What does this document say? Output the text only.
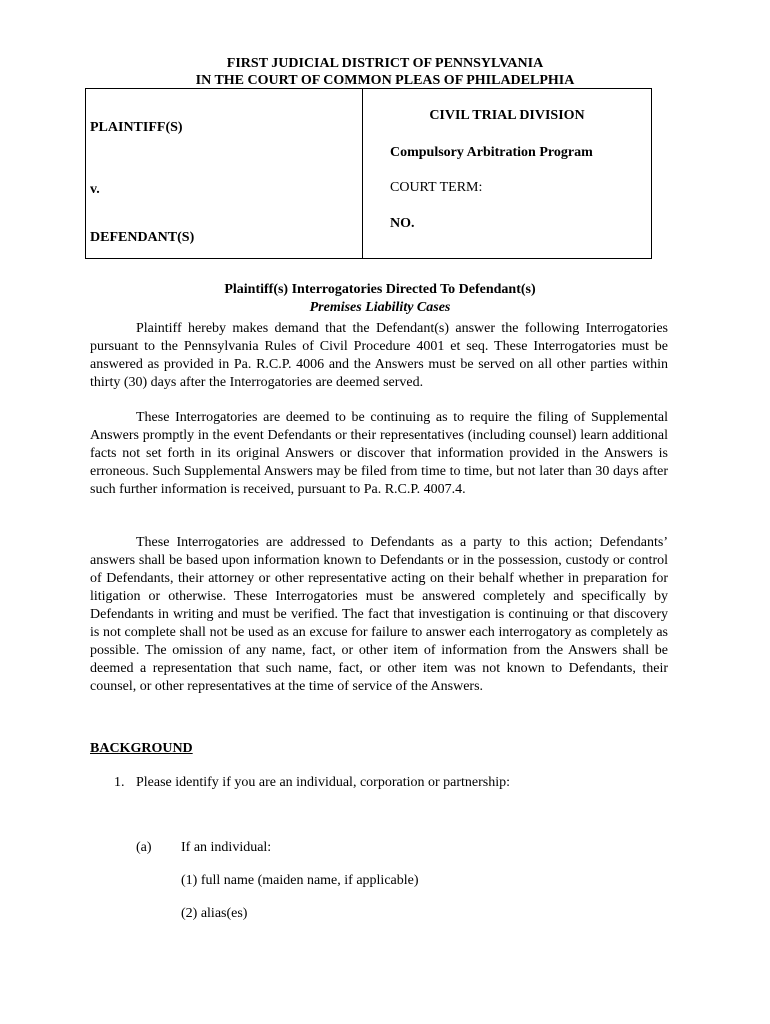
FIRST JUDICIAL DISTRICT OF PENNSYLVANIA
IN THE COURT OF COMMON PLEAS OF PHILADELPHIA
PLAINTIFF(S)
v.
DEFENDANT(S)
CIVIL TRIAL DIVISION
Compulsory Arbitration Program
COURT TERM:
NO.
Plaintiff(s) Interrogatories Directed To Defendant(s)
Premises Liability Cases

Plaintiff hereby makes demand that the Defendant(s) answer the following Interrogatories pursuant to the Pennsylvania Rules of Civil Procedure 4001 et seq. These Interrogatories must be answered as provided in Pa. R.C.P. 4006 and the Answers must be served on all other parties within thirty (30) days after the Interrogatories are deemed served.

These Interrogatories are deemed to be continuing as to require the filing of Supplemental Answers promptly in the event Defendants or their representatives (including counsel) learn additional facts not set forth in its original Answers or discover that information provided in the Answers is erroneous. Such Supplemental Answers may be filed from time to time, but not later than 30 days after such further information is received, pursuant to Pa. R.C.P. 4007.4.

These Interrogatories are addressed to Defendants as a party to this action; Defendants’ answers shall be based upon information known to Defendants or in the possession, custody or control of Defendants, their attorney or other representative acting on their behalf whether in preparation for litigation or otherwise. These Interrogatories must be answered completely and specifically by Defendants in writing and must be verified. The fact that investigation is continuing or that discovery is not complete shall not be used as an excuse for failure to answer each interrogatory as completely as possible. The omission of any name, fact, or other item of information from the Answers shall be deemed a representation that such name, fact, or other item was not known to Defendants, their counsel, or other representatives at the time of service of the Answers.

BACKGROUND
1. Please identify if you are an individual, corporation or partnership:
(a) If an individual:
(1) full name (maiden name, if applicable)
(2) alias(es)
